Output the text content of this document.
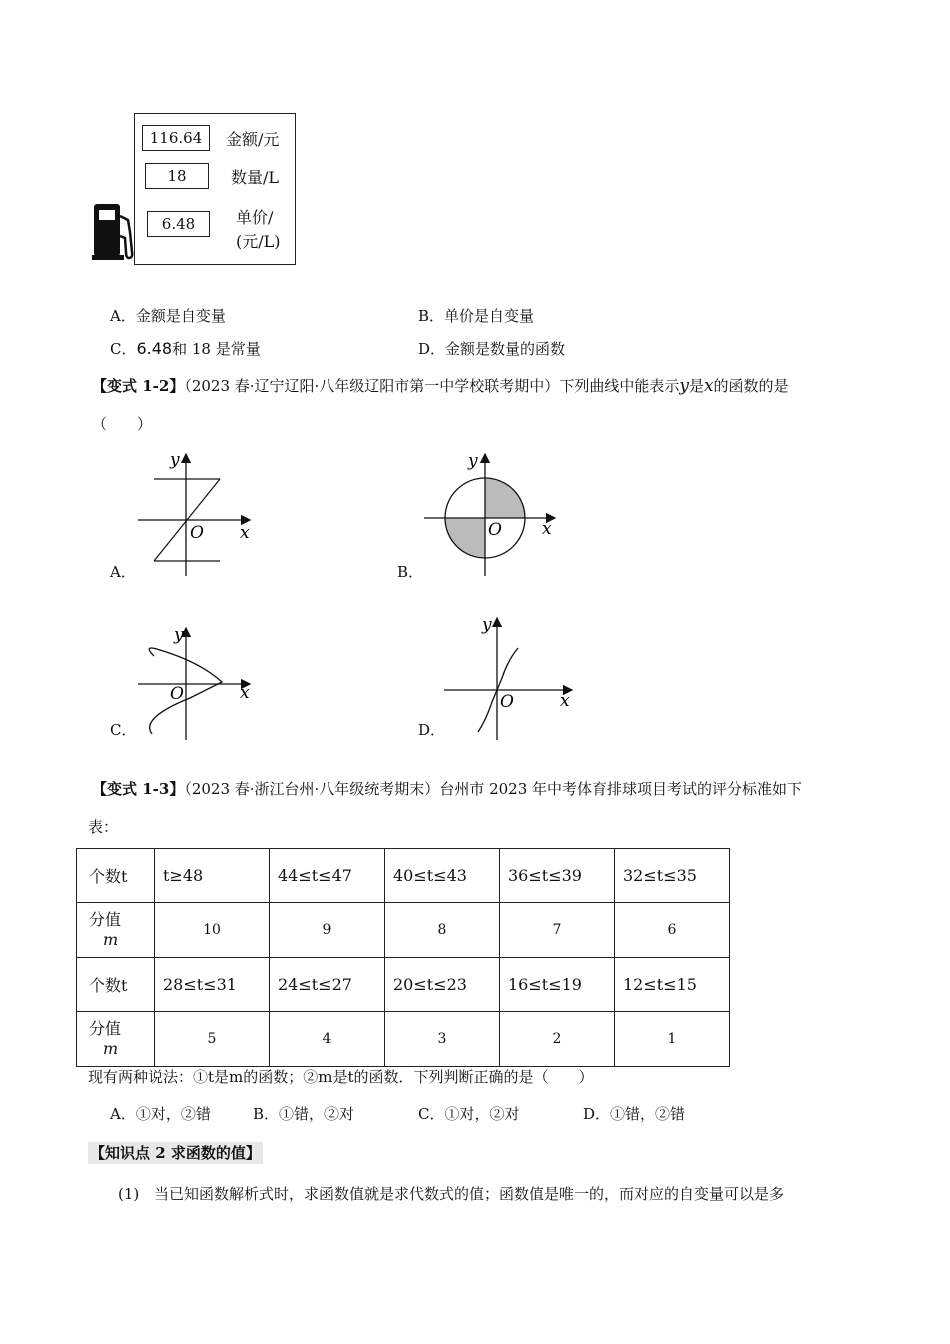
116.64	金额/元
18	数量/L
6.48	单价/
(元/L)
A．金额是自变量	B．单价是自变量
C．6.48和 18 是常量	D．金额是数量的函数
【变式 1-2】（2023 春·辽宁辽阳·八年级辽阳市第一中学校联考期中）下列曲线中能表示y是x的函数的是
（　　）
y
x
O
A．
y
x
O
B．
y
x
O
C．
y
x
O
D．
【变式 1-3】（2023 春·浙江台州·八年级统考期末）台州市 2023 年中考体育排球项目考试的评分标准如下
表：
个数t	t≥48	44≤t≤47	40≤t≤43	36≤t≤39	32≤t≤35

分值
m	10	9	8	7	6
个数t	28≤t≤31	24≤t≤27	20≤t≤23	16≤t≤19	12≤t≤15

分值
m	5	4	3	2	1
现有两种说法：①t是m的函数；②m是t的函数．下列判断正确的是（　　）
A．①对，②错	B．①错，②对	C．①对，②对	D．①错，②错
【知识点 2 求函数的值】
(1) 当已知函数解析式时，求函数值就是求代数式的值；函数值是唯一的，而对应的自变量可以是多
